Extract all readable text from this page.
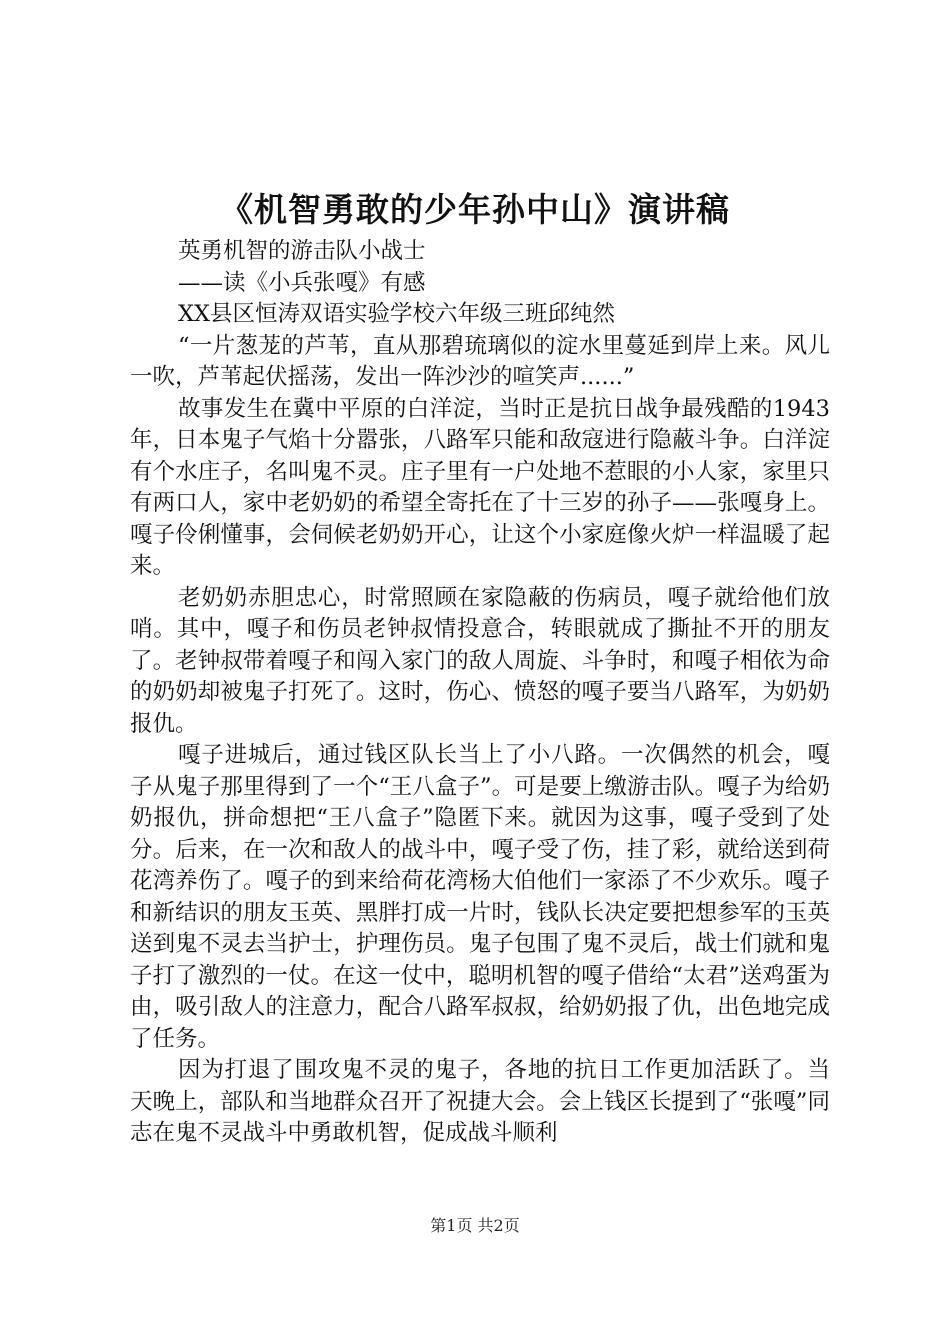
《机智勇敢的少年孙中山》演讲稿
英勇机智的游击队小战士
——读《小兵张嘎》有感
XX县区恒涛双语实验学校六年级三班邱纯然

“一片葱茏的芦苇，直从那碧琉璃似的淀水里蔓延到岸上来。风儿一吹，芦苇起伏摇荡，发出一阵沙沙的喧笑声......”

故事发生在冀中平原的白洋淀，当时正是抗日战争最残酷的1943年，日本鬼子气焰十分嚣张，八路军只能和敌寇进行隐蔽斗争。白洋淀有个水庄子，名叫鬼不灵。庄子里有一户处地不惹眼的小人家，家里只有两口人，家中老奶奶的希望全寄托在了十三岁的孙子——张嘎身上。嘎子伶俐懂事，会伺候老奶奶开心，让这个小家庭像火炉一样温暖了起来。

老奶奶赤胆忠心，时常照顾在家隐蔽的伤病员，嘎子就给他们放哨。其中，嘎子和伤员老钟叔情投意合，转眼就成了撕扯不开的朋友了。老钟叔带着嘎子和闯入家门的敌人周旋、斗争时，和嘎子相依为命的奶奶却被鬼子打死了。这时，伤心、愤怒的嘎子要当八路军，为奶奶报仇。

嘎子进城后，通过钱区队长当上了小八路。一次偶然的机会，嘎子从鬼子那里得到了一个“王八盒子”。可是要上缴游击队。嘎子为给奶奶报仇，拼命想把“王八盒子”隐匿下来。就因为这事，嘎子受到了处分。后来，在一次和敌人的战斗中，嘎子受了伤，挂了彩，就给送到荷花湾养伤了。嘎子的到来给荷花湾杨大伯他们一家添了不少欢乐。嘎子和新结识的朋友玉英、黑胖打成一片时，钱队长决定要把想参军的玉英送到鬼不灵去当护士，护理伤员。鬼子包围了鬼不灵后，战士们就和鬼子打了激烈的一仗。在这一仗中，聪明机智的嘎子借给“太君”送鸡蛋为由，吸引敌人的注意力，配合八路军叔叔，给奶奶报了仇，出色地完成了任务。

因为打退了围攻鬼不灵的鬼子，各地的抗日工作更加活跃了。当天晚上，部队和当地群众召开了祝捷大会。会上钱区长提到了“张嘎”同志在鬼不灵战斗中勇敢机智，促成战斗顺利

第1页 共2页
